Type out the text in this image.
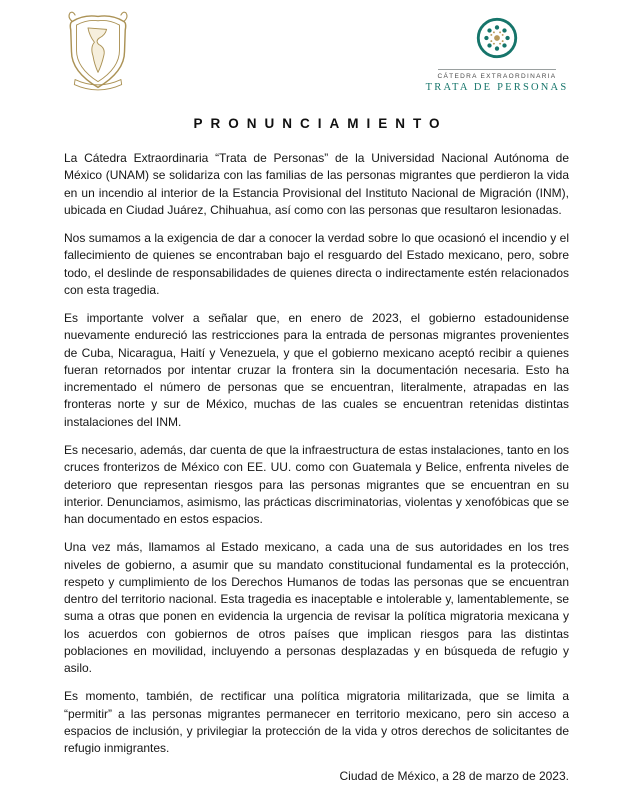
CÁTEDRA EXTRAORDINARIA
TRATA DE PERSONAS
PRONUNCIAMIENTO

La Cátedra Extraordinaria “Trata de Personas” de la Universidad Nacional Autónoma de México (UNAM) se solidariza con las familias de las personas migrantes que perdieron la vida en un incendio al interior de la Estancia Provisional del Instituto Nacional de Migración (INM), ubicada en Ciudad Juárez, Chihuahua, así como con las personas que resultaron lesionadas.

Nos sumamos a la exigencia de dar a conocer la verdad sobre lo que ocasionó el incendio y el fallecimiento de quienes se encontraban bajo el resguardo del Estado mexicano, pero, sobre todo, el deslinde de responsabilidades de quienes directa o indirectamente estén relacionados con esta tragedia.

Es importante volver a señalar que, en enero de 2023, el gobierno estadounidense nuevamente endureció las restricciones para la entrada de personas migrantes provenientes de Cuba, Nicaragua, Haití y Venezuela, y que el gobierno mexicano aceptó recibir a quienes fueran retornados por intentar cruzar la frontera sin la documentación necesaria. Esto ha incrementado el número de personas que se encuentran, literalmente, atrapadas en las fronteras norte y sur de México, muchas de las cuales se encuentran retenidas distintas instalaciones del INM.

Es necesario, además, dar cuenta de que la infraestructura de estas instalaciones, tanto en los cruces fronterizos de México con EE. UU. como con Guatemala y Belice, enfrenta niveles de deterioro que representan riesgos para las personas migrantes que se encuentran en su interior. Denunciamos, asimismo, las prácticas discriminatorias, violentas y xenofóbicas que se han documentado en estos espacios.

Una vez más, llamamos al Estado mexicano, a cada una de sus autoridades en los tres niveles de gobierno, a asumir que su mandato constitucional fundamental es la protección, respeto y cumplimiento de los Derechos Humanos de todas las personas que se encuentran dentro del territorio nacional. Esta tragedia es inaceptable e intolerable y, lamentablemente, se suma a otras que ponen en evidencia la urgencia de revisar la política migratoria mexicana y los acuerdos con gobiernos de otros países que implican riesgos para las distintas poblaciones en movilidad, incluyendo a personas desplazadas y en búsqueda de refugio y asilo.

Es momento, también, de rectificar una política migratoria militarizada, que se limita a “permitir” a las personas migrantes permanecer en territorio mexicano, pero sin acceso a espacios de inclusión, y privilegiar la protección de la vida y otros derechos de solicitantes de refugio inmigrantes.

Ciudad de México, a 28 de marzo de 2023.
